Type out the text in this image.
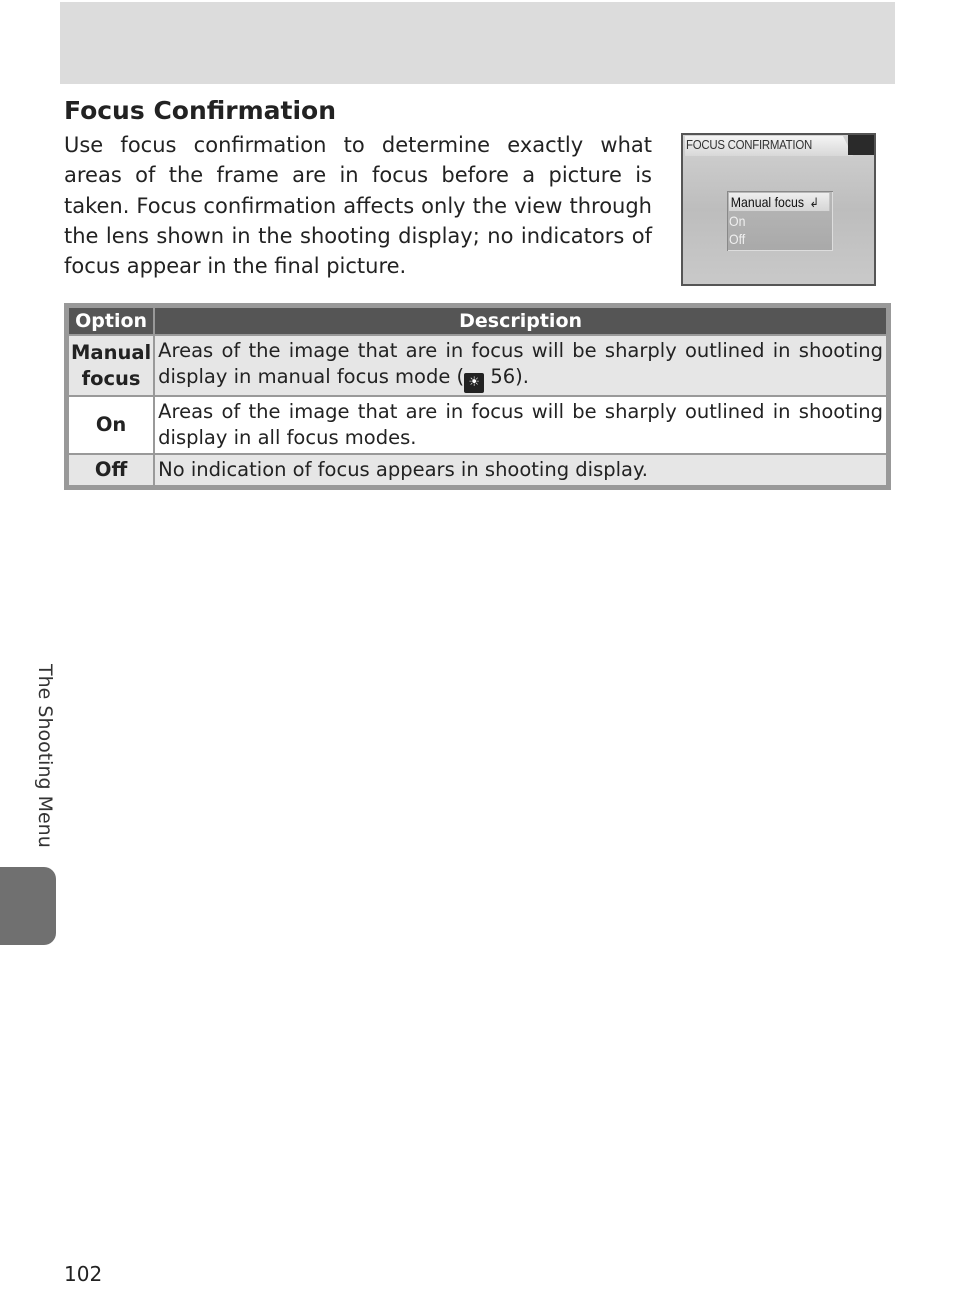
Focus Confirmation

Use focus confirmation to determine exactly what areas of the frame are in focus before a picture is taken. Focus confirmation affects only the view through the lens shown in the shooting display; no indicators of focus appear in the final picture.

FOCUS CONFIRMATION
Manual focus ↲
On
Off
Option	Description
Manual focus	Areas of the image that are in focus will be sharply outlined in shooting display in manual focus mode ( ☀ 56).
On	Areas of the image that are in focus will be sharply outlined in shooting display in all focus modes.
Off	No indication of focus appears in shooting display.
The Shooting Menu
102
